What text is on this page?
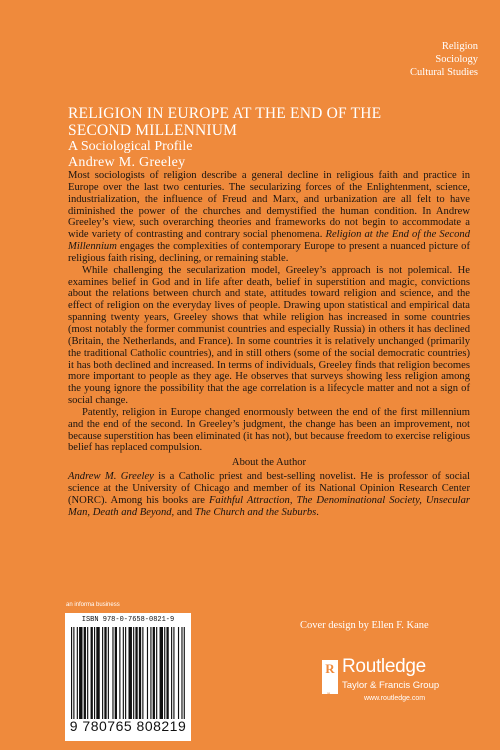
Religion
Sociology
Cultural Studies
RELIGION IN EUROPE AT THE END OF THE
SECOND MILLENNIUM
A Sociological Profile
Andrew M. Greeley

Most sociologists of religion describe a general decline in religious faith and practice in Europe over the last two centuries. The secularizing forces of the Enlightenment, science, industrialization, the influence of Freud and Marx, and urbanization are all felt to have diminished the power of the churches and demystified the human condition. In Andrew Greeley’s view, such overarching theories and frameworks do not begin to accommodate a wide variety of contrasting and contrary social phenomena. Religion at the End of the Second Millennium engages the complexities of contemporary Europe to present a nuanced picture of religious faith rising, declining, or remaining stable.

While challenging the secularization model, Greeley’s approach is not polemical. He examines belief in God and in life after death, belief in superstition and magic, convictions about the relations between church and state, attitudes toward religion and science, and the effect of religion on the everyday lives of people. Drawing upon statistical and empirical data spanning twenty years, Greeley shows that while religion has increased in some countries (most notably the former communist countries and especially Russia) in others it has declined (Britain, the Netherlands, and France). In some countries it is relatively unchanged (primarily the traditional Catholic countries), and in still others (some of the social democratic countries) it has both declined and increased. In terms of individuals, Greeley finds that religion becomes more important to people as they age. He observes that surveys showing less religion among the young ignore the possibility that the age correlation is a lifecycle matter and not a sign of social change.

Patently, religion in Europe changed enormously between the end of the first millennium and the end of the second. In Greeley’s judgment, the change has been an improvement, not because superstition has been eliminated (it has not), but because freedom to exercise religious belief has replaced compulsion.

About the Author

Andrew M. Greeley is a Catholic priest and best-selling novelist. He is professor of social science at the University of Chicago and member of its National Opinion Research Center (NORC). Among his books are Faithful Attraction, The Denominational Society, Unsecular Man, Death and Beyond, and The Church and the Suburbs.

an informa business
ISBN 978-0-7658-0821-9
9 780765 808219
Cover design by Ellen F. Kane
R
ROUTLEDGE
Routledge
Taylor & Francis Group
www.routledge.com
